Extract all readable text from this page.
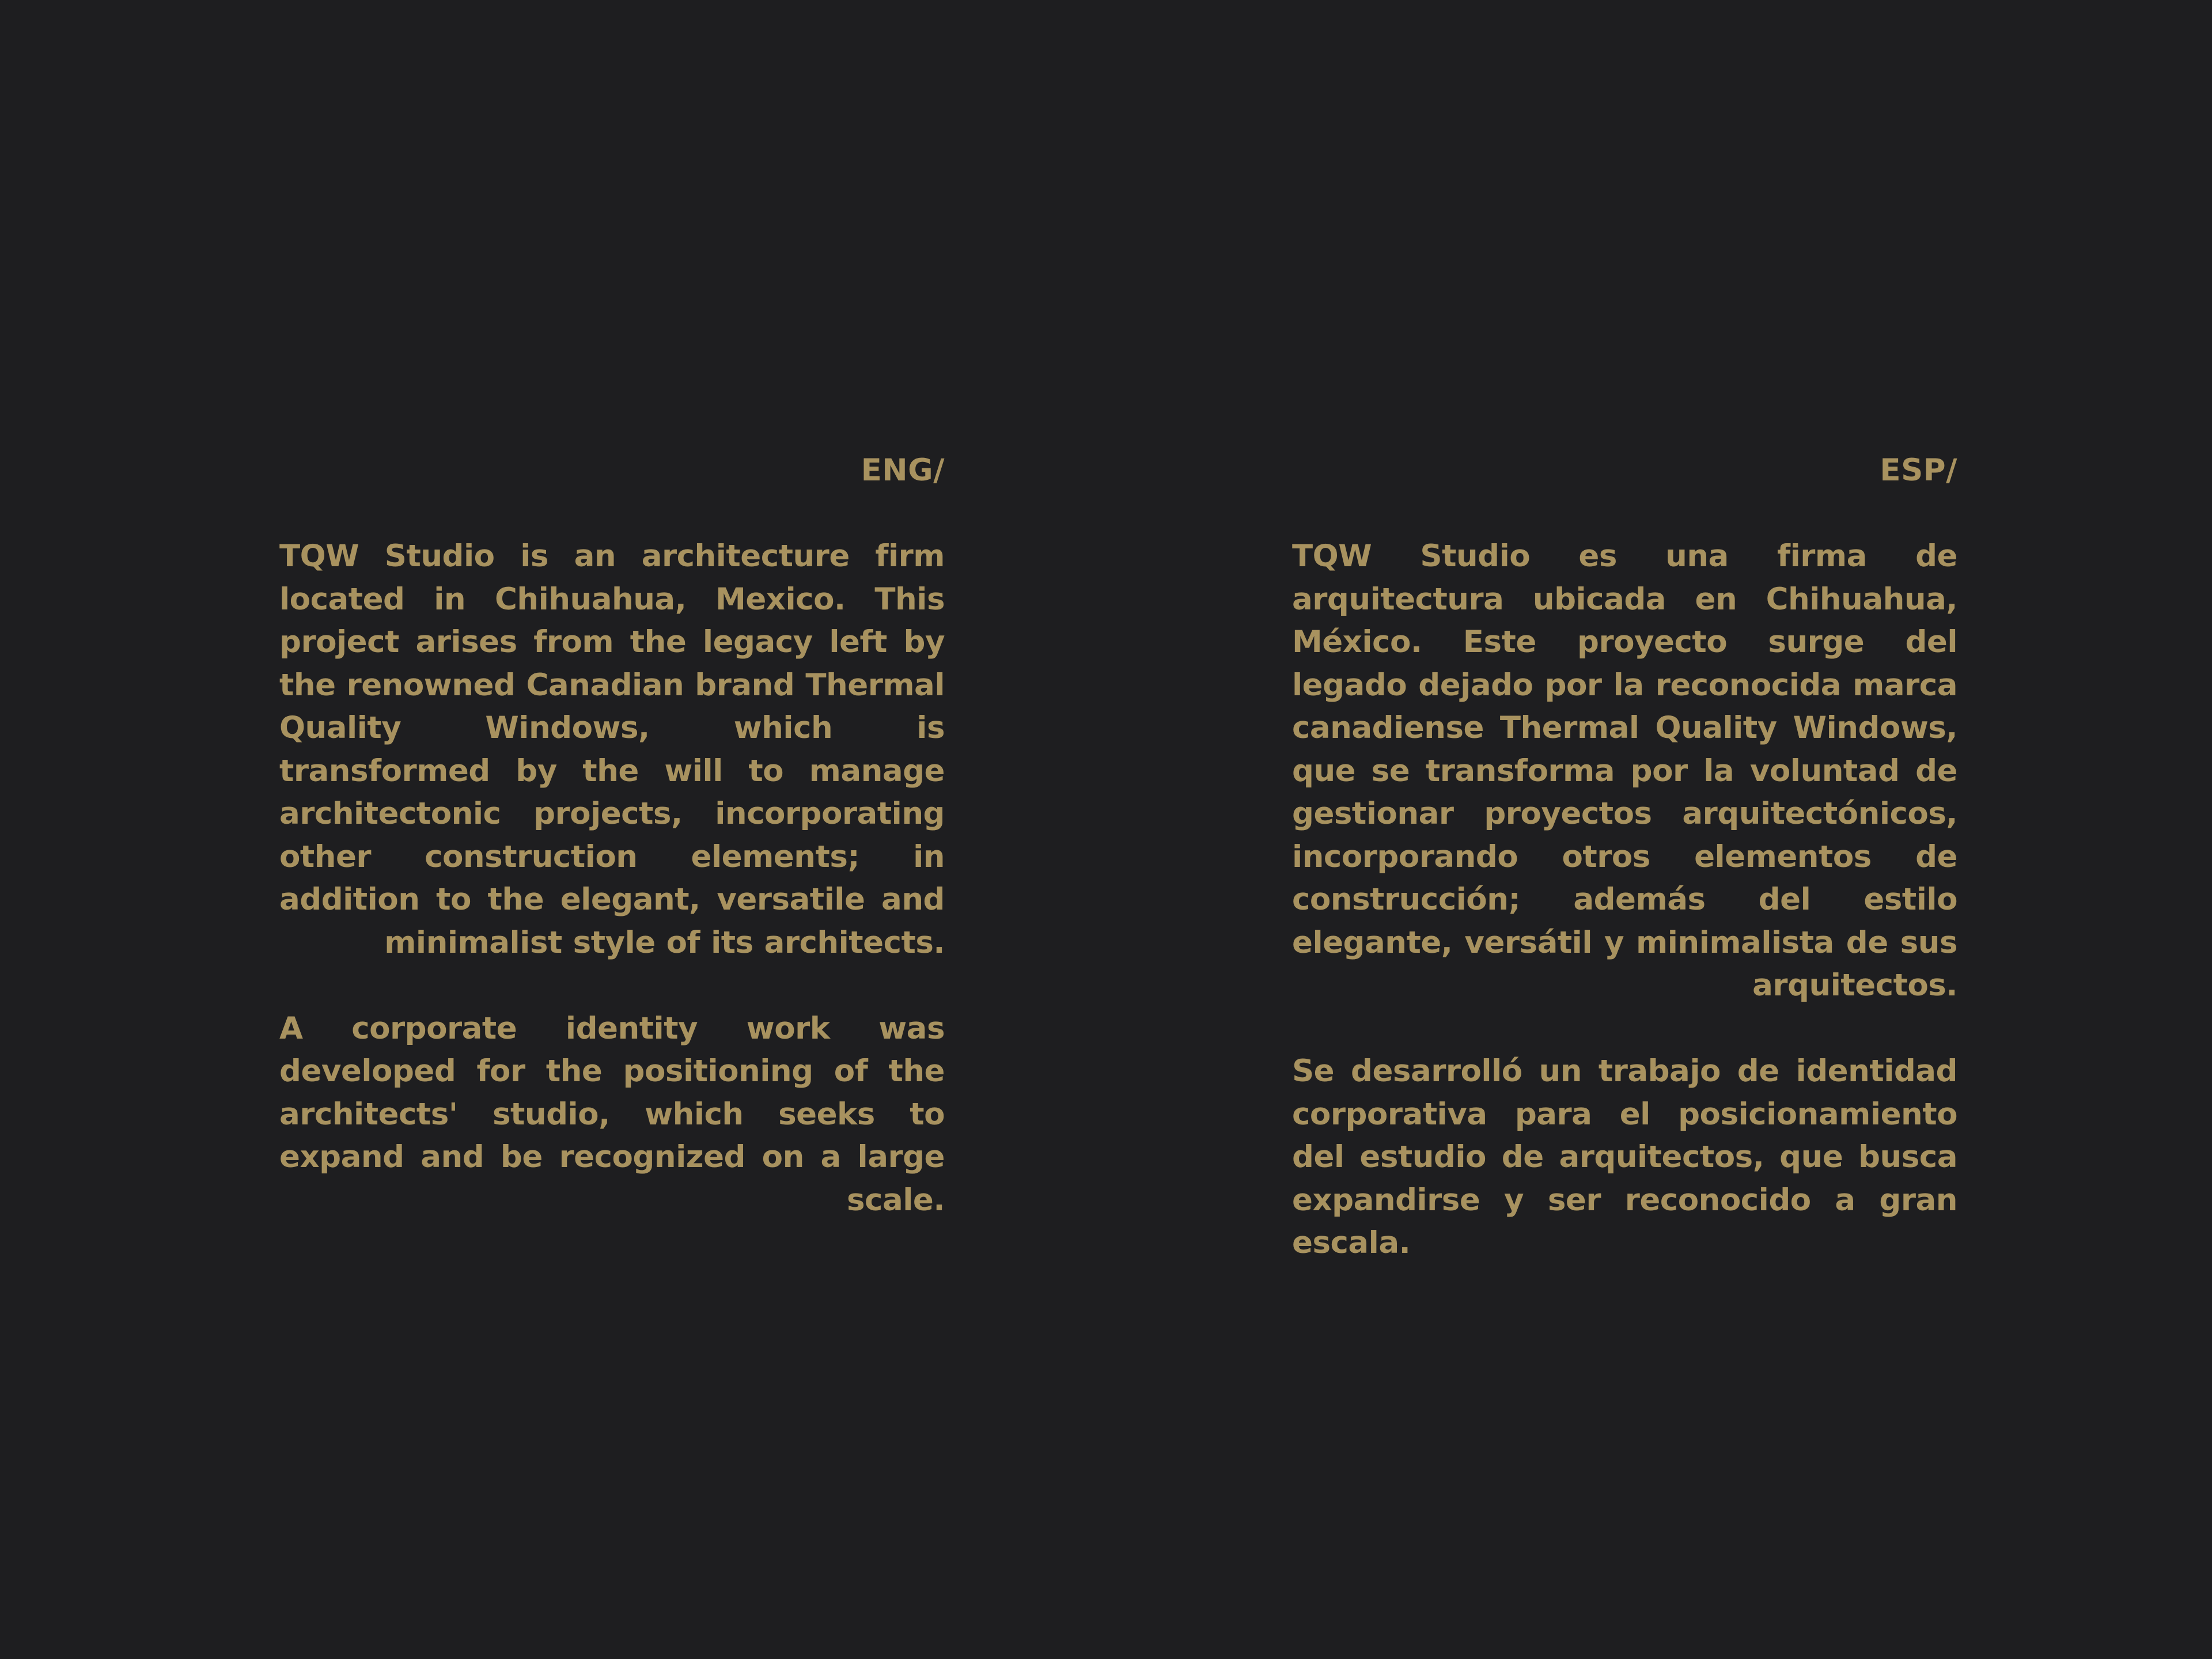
ENG/

TQW Studio is an architecture firm located in Chihuahua, Mexico. This project arises from the legacy left by the renowned Canadian brand Thermal Quality Windows, which is transformed by the will to manage architectonic projects, incorporating other construction elements; in addition to the elegant, versatile and minimalist style of its architects.

A corporate identity work was developed for the positioning of the architects' studio, which seeks to expand and be recognized on a large scale.

ESP/

TQW Studio es una firma de arquitectura ubicada en Chihuahua, México. Este proyecto surge del legado dejado por la reconocida marca canadiense Thermal Quality Windows, que se transforma por la voluntad de gestionar proyectos arquitectónicos, incorporando otros elementos de construcción; además del estilo elegante, versátil y minimalista de sus arquitectos.

Se desarrolló un trabajo de identidad corporativa para el posicionamiento del estudio de arquitectos, que busca expandirse y ser reconocido a gran escala.
